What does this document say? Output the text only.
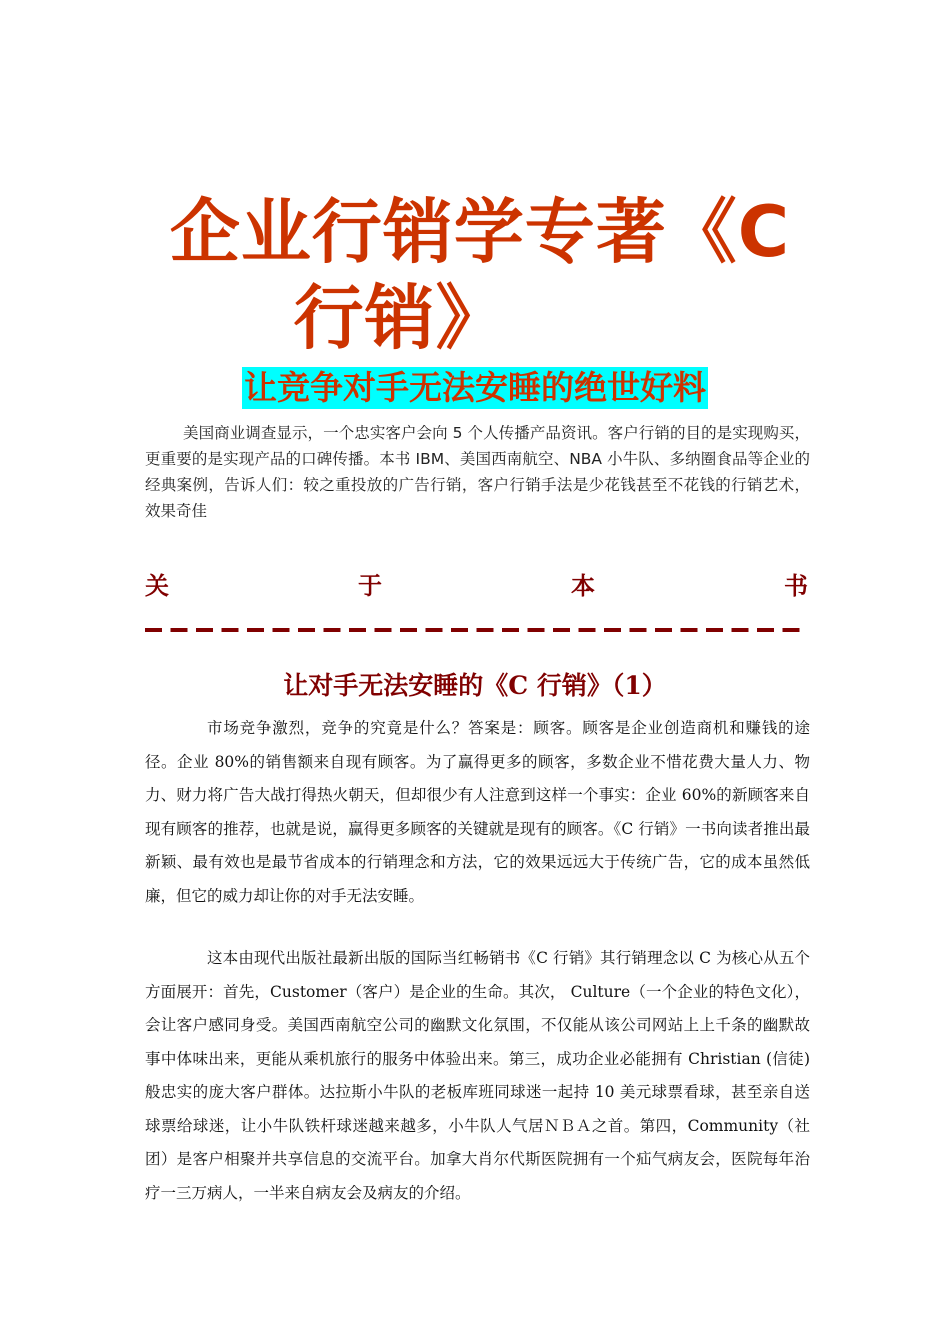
企业行销学专著《C
行销》
让竞争对手无法安睡的绝世好料

美国商业调查显示，一个忠实客户会向 5 个人传播产品资讯。客户行销的目的是实现购买，更重要的是实现产品的口碑传播。本书 IBM、美国西南航空、NBA 小牛队、多纳圈食品等企业的经典案例，告诉人们：较之重投放的广告行销，客户行销手法是少花钱甚至不花钱的行销艺术，效果奇佳

关	于	本	书
让对手无法安睡的《C 行销》（1）

市场竞争激烈，竞争的究竟是什么？答案是：顾客。顾客是企业创造商机和赚钱的途径。企业 80%的销售额来自现有顾客。为了赢得更多的顾客，多数企业不惜花费大量人力、物力、财力将广告大战打得热火朝天，但却很少有人注意到这样一个事实：企业 60%的新顾客来自现有顾客的推荐，也就是说，赢得更多顾客的关键就是现有的顾客。《C 行销》一书向读者推出最新颖、最有效也是最节省成本的行销理念和方法，它的效果远远大于传统广告，它的成本虽然低廉，但它的威力却让你的对手无法安睡。

这本由现代出版社最新出版的国际当红畅销书《C 行销》其行销理念以 C 为核心从五个方面展开：首先，Customer（客户）是企业的生命。其次， Culture（一个企业的特色文化），会让客户感同身受。美国西南航空公司的幽默文化氛围，不仅能从该公司网站上上千条的幽默故事中体味出来，更能从乘机旅行的服务中体验出来。第三，成功企业必能拥有 Christian (信徒)般忠实的庞大客户群体。达拉斯小牛队的老板库班同球迷一起持 10 美元球票看球，甚至亲自送球票给球迷，让小牛队铁杆球迷越来越多，小牛队人气居ＮＢＡ之首。第四，Community（社团）是客户相聚并共享信息的交流平台。加拿大肖尔代斯医院拥有一个疝气病友会，医院每年治疗一三万病人，一半来自病友会及病友的介绍。
